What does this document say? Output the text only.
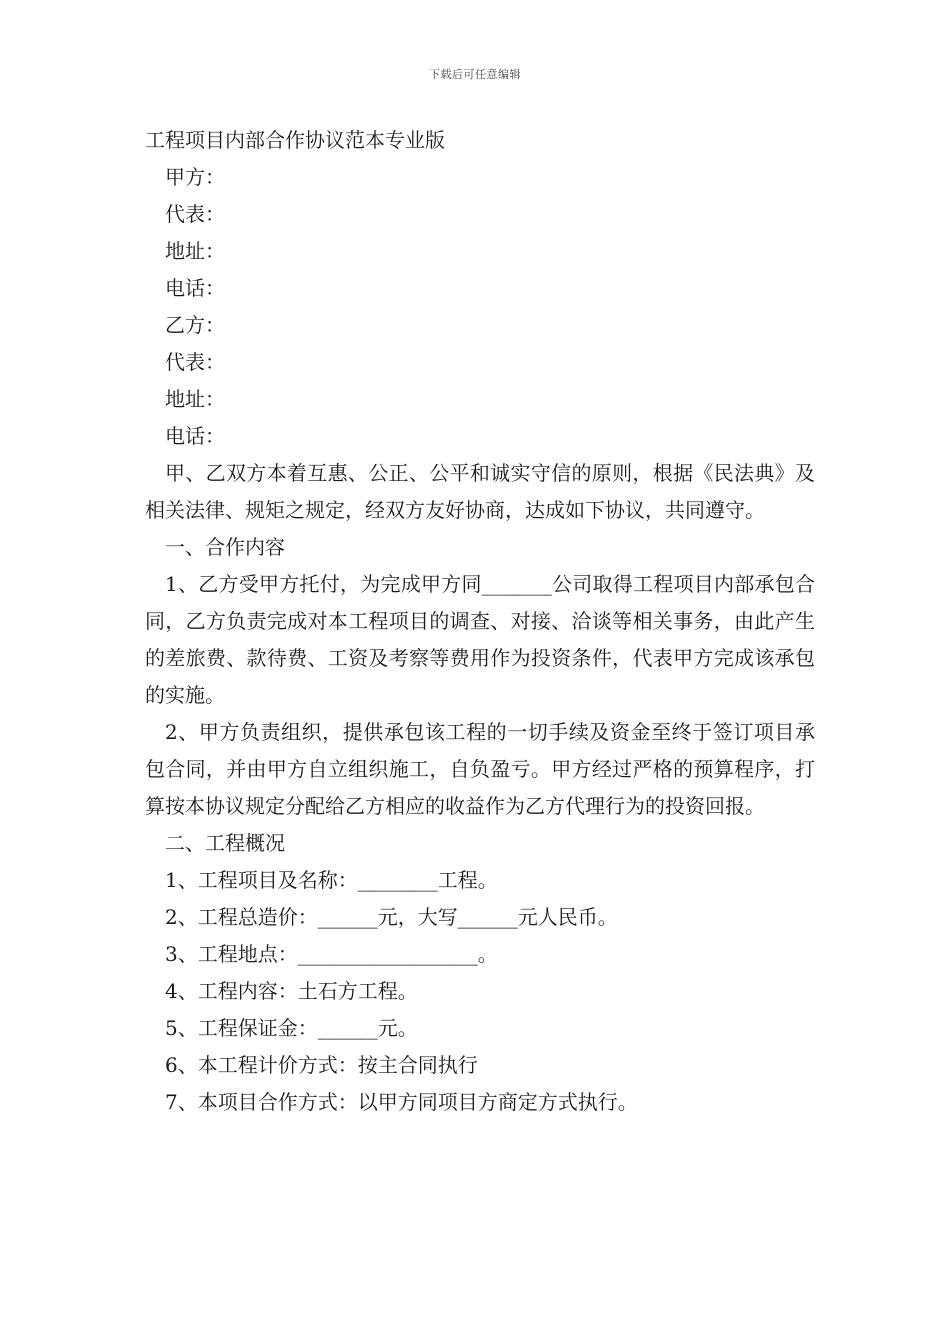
下载后可任意编辑

工程项目内部合作协议范本专业版

甲方：

代表：

地址：

电话：

乙方：

代表：

地址：

电话：

甲、乙双方本着互惠、公正、公平和诚实守信的原则，根据《民法典》及相关法律、规矩之规定，经双方友好协商，达成如下协议，共同遵守。

一、合作内容

1、乙方受甲方托付，为完成甲方同_______公司取得工程项目内部承包合同，乙方负责完成对本工程项目的调查、对接、洽谈等相关事务，由此产生的差旅费、款待费、工资及考察等费用作为投资条件，代表甲方完成该承包的实施。

2、甲方负责组织，提供承包该工程的一切手续及资金至终于签订项目承包合同，并由甲方自立组织施工，自负盈亏。甲方经过严格的预算程序，打算按本协议规定分配给乙方相应的收益作为乙方代理行为的投资回报。

二、工程概况

1、工程项目及名称：________工程。

2、工程总造价：______元，大写______元人民币。

3、工程地点：__________________。

4、工程内容：土石方工程。

5、工程保证金：______元。

6、本工程计价方式：按主合同执行

7、本项目合作方式：以甲方同项目方商定方式执行。
